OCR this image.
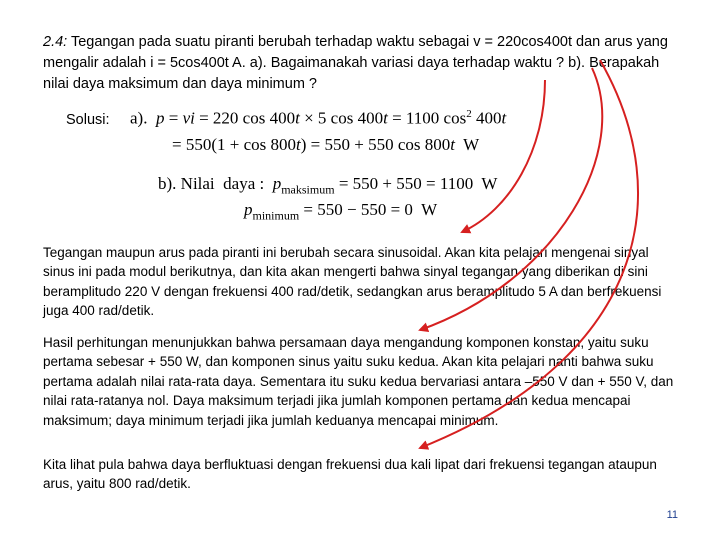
2.4: Tegangan pada suatu piranti berubah terhadap waktu sebagai v = 220cos400t dan arus yang mengalir adalah i = 5cos400t A. a). Bagaimanakah variasi daya terhadap waktu ? b). Berapakah nilai daya maksimum dan daya minimum ?
Solusi: a).  p = vi = 220 cos 400t × 5 cos 400t = 1100 $\cos^2 400t$
= 550(1 + cos 800t) = 550 + 550 cos 800t  W
b). Nilai  daya :  $p_{maksimum} = 550 + 550 = 1100$  W
$p_{minimum} = 550 - 550 = 0$  W

Tegangan maupun arus pada piranti ini berubah secara sinusoidal. Akan kita pelajari mengenai sinyal sinus ini pada modul berikutnya, dan kita akan mengerti bahwa sinyal tegangan yang diberikan di sini beramplitudo 220 V dengan frekuensi 400 rad/detik, sedangkan arus beramplitudo 5 A dan berfrekuensi juga 400 rad/detik.

Hasil perhitungan menunjukkan bahwa persamaan daya mengandung komponen konstan, yaitu suku pertama sebesar + 550 W, dan komponen sinus yaitu suku kedua. Akan kita pelajari nanti bahwa suku pertama adalah nilai rata-rata daya. Sementara itu suku kedua bervariasi antara –550 V dan + 550 V, dan nilai rata-ratanya nol. Daya maksimum terjadi jika jumlah komponen pertama dan kedua mencapai maksimum; daya minimum terjadi jika jumlah keduanya mencapai minimum.

Kita lihat pula bahwa daya berfluktuasi dengan frekuensi dua kali lipat dari frekuensi tegangan ataupun arus, yaitu 800 rad/detik.

11
